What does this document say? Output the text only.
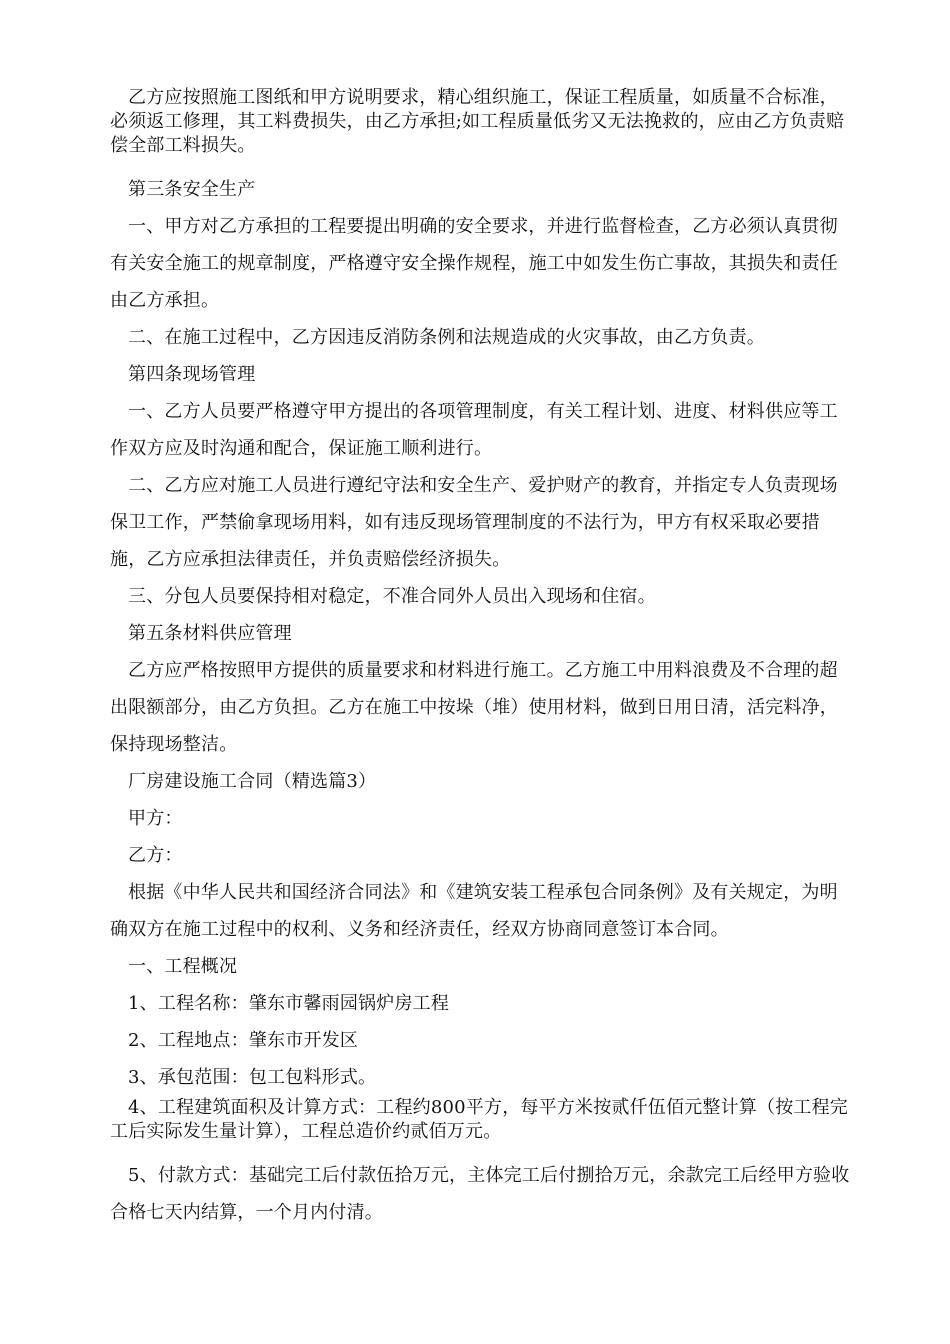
乙方应按照施工图纸和甲方说明要求，精心组织施工，保证工程质量，如质量不合标准，必须返工修理，其工料费损失，由乙方承担;如工程质量低劣又无法挽救的，应由乙方负责赔偿全部工料损失。

第三条安全生产

一、甲方对乙方承担的工程要提出明确的安全要求，并进行监督检查，乙方必须认真贯彻有关安全施工的规章制度，严格遵守安全操作规程，施工中如发生伤亡事故，其损失和责任由乙方承担。

二、在施工过程中，乙方因违反消防条例和法规造成的火灾事故，由乙方负责。

第四条现场管理

一、乙方人员要严格遵守甲方提出的各项管理制度，有关工程计划、进度、材料供应等工作双方应及时沟通和配合，保证施工顺利进行。

二、乙方应对施工人员进行遵纪守法和安全生产、爱护财产的教育，并指定专人负责现场保卫工作，严禁偷拿现场用料，如有违反现场管理制度的不法行为，甲方有权采取必要措施，乙方应承担法律责任，并负责赔偿经济损失。

三、分包人员要保持相对稳定，不准合同外人员出入现场和住宿。

第五条材料供应管理

乙方应严格按照甲方提供的质量要求和材料进行施工。乙方施工中用料浪费及不合理的超出限额部分，由乙方负担。乙方在施工中按垛（堆）使用材料，做到日用日清，活完料净，保持现场整洁。

厂房建设施工合同（精选篇3）

甲方：

乙方：

根据《中华人民共和国经济合同法》和《建筑安装工程承包合同条例》及有关规定，为明确双方在施工过程中的权利、义务和经济责任，经双方协商同意签订本合同。

一、工程概况

1、工程名称：肇东市馨雨园锅炉房工程

2、工程地点：肇东市开发区

3、承包范围：包工包料形式。

4、工程建筑面积及计算方式：工程约800平方，每平方米按贰仟伍佰元整计算（按工程完工后实际发生量计算），工程总造价约贰佰万元。

5、付款方式：基础完工后付款伍拾万元，主体完工后付捌拾万元，余款完工后经甲方验收合格七天内结算，一个月内付清。
